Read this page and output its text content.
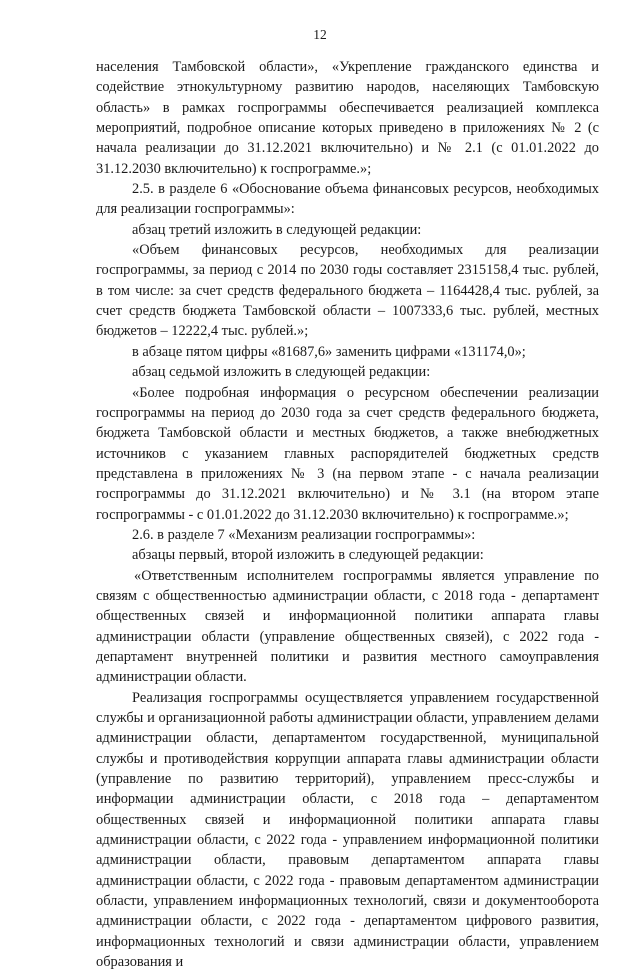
12

населения Тамбовской области», «Укрепление гражданского единства и содействие этнокультурному развитию народов, населяющих Тамбовскую область» в рамках госпрограммы обеспечивается реализацией комплекса мероприятий, подробное описание которых приведено в приложениях № 2 (с начала реализации до 31.12.2021 включительно) и № 2.1 (с 01.01.2022 до 31.12.2030 включительно) к госпрограмме.»;

2.5. в разделе 6 «Обоснование объема финансовых ресурсов, необходимых для реализации госпрограммы»:

абзац третий изложить в следующей редакции:

«Объем финансовых ресурсов, необходимых для реализации госпрограммы, за период с 2014 по 2030 годы составляет 2315158,4 тыс. рублей, в том числе: за счет средств федерального бюджета – 1164428,4 тыс. рублей, за счет средств бюджета Тамбовской области – 1007333,6 тыс. рублей, местных бюджетов – 12222,4 тыс. рублей.»;

в абзаце пятом цифры «81687,6» заменить цифрами «131174,0»;

абзац седьмой изложить в следующей редакции:

«Более подробная информация о ресурсном обеспечении реализации госпрограммы на период до 2030 года за счет средств федерального бюджета, бюджета Тамбовской области и местных бюджетов, а также внебюджетных источников с указанием главных распорядителей бюджетных средств представлена в приложениях № 3 (на первом этапе - с начала реализации госпрограммы до 31.12.2021 включительно) и № 3.1 (на втором этапе госпрограммы - с 01.01.2022 до 31.12.2030 включительно) к госпрограмме.»;

2.6. в разделе 7 «Механизм реализации госпрограммы»:

абзацы первый, второй изложить в следующей редакции:

«Ответственным исполнителем госпрограммы является управление по связям с общественностью администрации области, с 2018 года - департамент общественных связей и информационной политики аппарата главы администрации области (управление общественных связей), с 2022 года - департамент внутренней политики и развития местного самоуправления администрации области.

Реализация госпрограммы осуществляется управлением государственной службы и организационной работы администрации области, управлением делами администрации области, департаментом государственной, муниципальной службы и противодействия коррупции аппарата главы администрации области (управление по развитию территорий), управлением пресс-службы и информации администрации области, с 2018 года – департаментом общественных связей и информационной политики аппарата главы администрации области, с 2022 года - управлением информационной политики администрации области, правовым департаментом аппарата главы администрации области, с 2022 года - правовым департаментом администрации области, управлением информационных технологий, связи и документооборота администрации области, с 2022 года - департаментом цифрового развития, информационных технологий и связи администрации области, управлением образования и
